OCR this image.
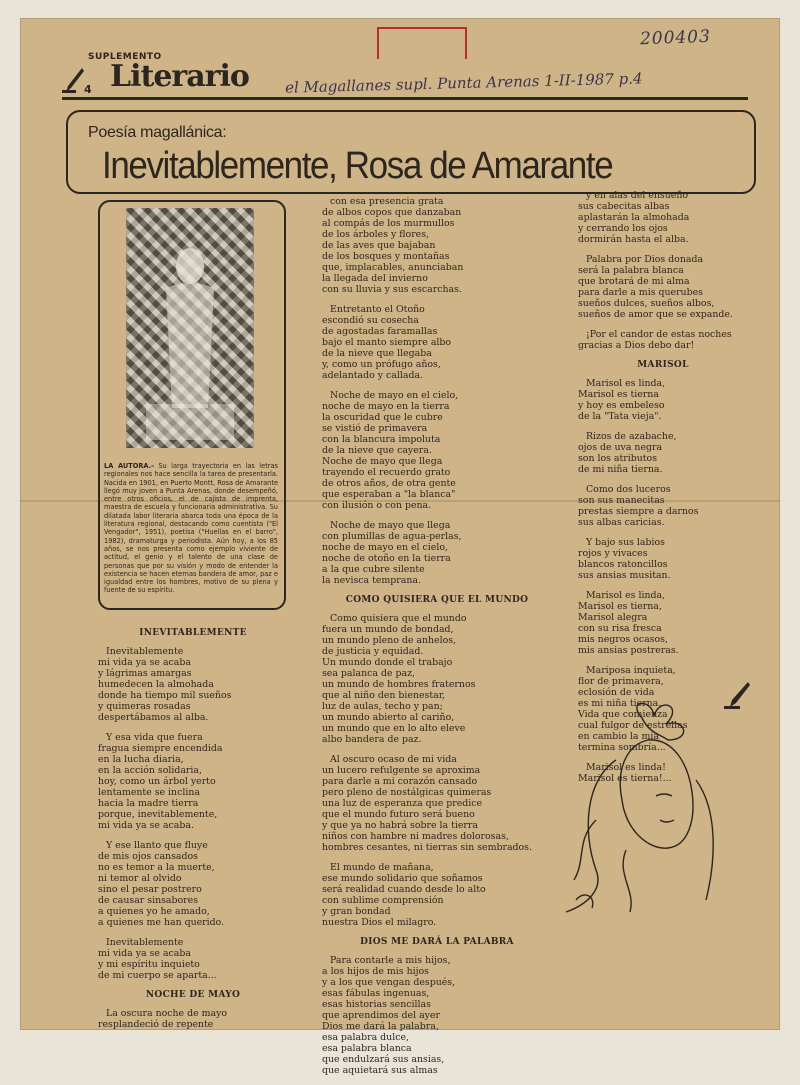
200403
4
SUPLEMENTO
Literario el Magallanes supl. Punta Arenas 1-II-1987 p.4
Poesía magallánica:
Inevitablemente, Rosa de Amarante
LA AUTORA.- Su larga trayectoria en las letras regionales nos hace sencilla la tarea de presentarla. Nacida en 1901, en Puerto Montt, Rosa de Amarante llegó muy joven a Punta Arenas, donde desempeñó, entre otros oficios, el de cajista de imprenta, maestra de escuela y funcionaria administrativa. Su dilatada labor literaria abarca toda una época de la literatura regional, destacando como cuentista ("El Vengador", 1951), poetisa ("Huellas en el barro", 1982), dramaturga y periodista. Aún hoy, a los 85 años, se nos presenta como ejemplo viviente de actitud, el genio y el talento de una clase de personas que por su visión y modo de entender la existencia se hacen eternas bandera de amor, paz e igualdad entre los hombres, motivo de su plena y fuente de su espíritu.
INEVITABLEMENTE
Inevitablemente
mi vida ya se acaba
y lágrimas amargas
humedecen la almohada
donde ha tiempo mil sueños
y quimeras rosadas
despertábamos al alba.
Y esa vida que fuera
fragua siempre encendida
en la lucha diaria,
en la acción solidaria,
hoy, como un árbol yerto
lentamente se inclina
hacia la madre tierra
porque, inevitablemente,
mi vida ya se acaba.
Y ese llanto que fluye
de mis ojos cansados
no es temor a la muerte,
ni temor al olvido
sino el pesar postrero
de causar sinsabores
a quienes yo he amado,
a quienes me han querido.
Inevitablemente
mi vida ya se acaba
y mi espíritu inquieto
de mi cuerpo se aparta...
NOCHE DE MAYO
La oscura noche de mayo
resplandeció de repente
con esa presencia grata
de albos copos que danzaban
al compás de los murmullos
de los árboles y flores,
de las aves que bajaban
de los bosques y montañas
que, implacables, anunciaban
la llegada del invierno
con su lluvia y sus escarchas.
Entretanto el Otoño
escondió su cosecha
de agostadas faramallas
bajo el manto siempre albo
de la nieve que llegaba
y, como un prófugo años,
adelantado y callada.
Noche de mayo en el cielo,
noche de mayo en la tierra
la oscuridad que le cubre
se vistió de primavera
con la blancura impoluta
de la nieve que cayera.
Noche de mayo que llega
trayendo el recuerdo grato
de otros años, de otra gente
que esperaban a "la blanca"
con ilusión o con pena.
Noche de mayo que llega
con plumillas de agua-perlas,
noche de mayo en el cielo,
noche de otoño en la tierra
a la que cubre silente
la nevisca temprana.
COMO QUISIERA QUE EL MUNDO
Como quisiera que el mundo
fuera un mundo de bondad,
un mundo pleno de anhelos,
de justicia y equidad.
Un mundo donde el trabajo
sea palanca de paz,
un mundo de hombres fraternos
que al niño den bienestar,
luz de aulas, techo y pan;
un mundo abierto al cariño,
un mundo que en lo alto eleve
albo bandera de paz.
Al oscuro ocaso de mi vida
un lucero refulgente se aproxima
para darle a mi corazón cansado
pero pleno de nostálgicas quimeras
una luz de esperanza que predice
que el mundo futuro será bueno
y que ya no habrá sobre la tierra
niños con hambre ni madres dolorosas,
hombres cesantes, ni tierras sin sembrados.
El mundo de mañana,
ese mundo solidario que soñamos
será realidad cuando desde lo alto
con sublime comprensión
y gran bondad
nuestra Dios el milagro.
DIOS ME DARÁ LA PALABRA
Para contarle a mis hijos,
a los hijos de mis hijos
y a los que vengan después,
esas fábulas ingenuas,
esas historias sencillas
que aprendimos del ayer
Dios me dará la palabra,
esa palabra dulce,
esa palabra blanca
que endulzará sus ansias,
que aquietará sus almas
y en alas del ensueño
sus cabecitas albas
aplastarán la almohada
y cerrando los ojos
dormirán hasta el alba.
Palabra por Dios donada
será la palabra blanca
que brotará de mi alma
para darle a mis querubes
sueños dulces, sueños albos,
sueños de amor que se expande.
¡Por el candor de estas noches
gracias a Dios debo dar!
MARISOL
Marisol es linda,
Marisol es tierna
y hoy es embeleso
de la "Tata vieja".
Rizos de azabache,
ojos de uva negra
son los atributos
de mi niña tierna.
Como dos luceros
son sus manecitas
prestas siempre a darnos
sus albas caricias.
Y bajo sus labios
rojos y vivaces
blancos ratoncillos
sus ansias musitan.
Marisol es linda,
Marisol es tierna,
Marisol alegra
con su risa fresca
mis negros ocasos,
mis ansias postreras.
Mariposa inquieta,
flor de primavera,
eclosión de vida
es mi niña tierna.
Vida que comienza
cual fulgor de estrellas
en cambio la mía
termina sombría...
Marisol es linda!
Marisol es tierna!...
